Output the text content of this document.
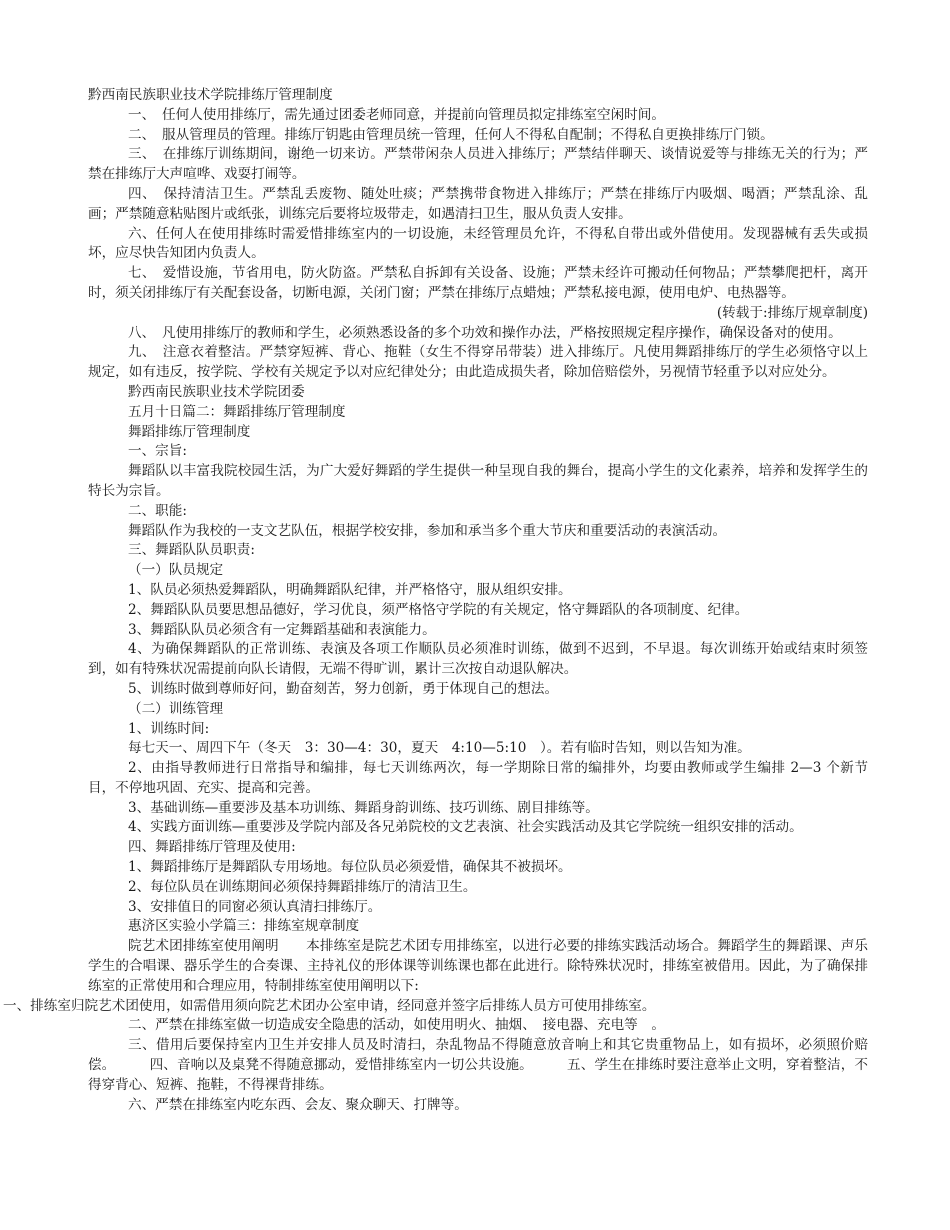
黔西南民族职业技术学院排练厅管理制度

一、　任何人使用排练厅，需先通过团委老师同意，并提前向管理员拟定排练室空闲时间。

二、　服从管理员的管理。排练厅钥匙由管理员统一管理，任何人不得私自配制；不得私自更换排练厅门锁。

三、　在排练厅训练期间，谢绝一切来访。严禁带闲杂人员进入排练厅；严禁结伴聊天、谈情说爱等与排练无关的行为；严禁在排练厅大声喧哗、戏耍打闹等。

四、　保持清洁卫生。严禁乱丢废物、随处吐痰；严禁携带食物进入排练厅；严禁在排练厅内吸烟、喝酒；严禁乱涂、乱画；严禁随意粘贴图片或纸张，训练完后要将垃圾带走，如遇清扫卫生，服从负责人安排。

六、任何人在使用排练时需爱惜排练室内的一切设施，未经管理员允许，不得私自带出或外借使用。发现器械有丢失或损坏，应尽快告知团内负责人。

七、　爱惜设施，节省用电，防火防盗。严禁私自拆卸有关设备、设施；严禁未经许可搬动任何物品；严禁攀爬把杆，离开时，须关闭排练厅有关配套设备，切断电源，关闭门窗；严禁在排练厅点蜡烛；严禁私接电源，使用电炉、电热器等。

(转载于:排练厅规章制度)

八、　凡使用排练厅的教师和学生，必须熟悉设备的多个功效和操作办法，严格按照规定程序操作，确保设备对的使用。

九、　注意衣着整洁。严禁穿短裤、背心、拖鞋（女生不得穿吊带装）进入排练厅。凡使用舞蹈排练厅的学生必须恪守以上规定，如有违反，按学院、学校有关规定予以对应纪律处分；由此造成损失者，除加倍赔偿外，另视情节轻重予以对应处分。

黔西南民族职业技术学院团委

五月十日篇二：舞蹈排练厅管理制度

舞蹈排练厅管理制度

一、宗旨:

舞蹈队以丰富我院校园生活，为广大爱好舞蹈的学生提供一种呈现自我的舞台，提高小学生的文化素养，培养和发挥学生的特长为宗旨。

二、职能:

舞蹈队作为我校的一支文艺队伍，根据学校安排，参加和承当多个重大节庆和重要活动的表演活动。

三、舞蹈队队员职责:

（一）队员规定

1、队员必须热爱舞蹈队，明确舞蹈队纪律，并严格恪守，服从组织安排。

2、舞蹈队队员要思想品德好，学习优良，须严格恪守学院的有关规定，恪守舞蹈队的各项制度、纪律。

3、舞蹈队队员必须含有一定舞蹈基础和表演能力。

4、为确保舞蹈队的正常训练、表演及各项工作顺队员必须准时训练，做到不迟到，不早退。每次训练开始或结束时须签到，如有特殊状况需提前向队长请假，无端不得旷训，累计三次按自动退队解决。

5、训练时做到尊师好问，勤奋刻苦，努力创新，勇于体现自己的想法。

（二）训练管理

1、训练时间:

每七天一、周四下午（冬天　3：30—4：30，夏天　4:10—5:10　）。若有临时告知，则以告知为准。

2、由指导教师进行日常指导和编排，每七天训练两次，每一学期除日常的编排外，均要由教师或学生编排 2—3 个新节目，不停地巩固、充实、提高和完善。

3、基础训练—重要涉及基本功训练、舞蹈身韵训练、技巧训练、剧目排练等。

4、实践方面训练—重要涉及学院内部及各兄弟院校的文艺表演、社会实践活动及其它学院统一组织安排的活动。

四、舞蹈排练厅管理及使用:

1、舞蹈排练厅是舞蹈队专用场地。每位队员必须爱惜，确保其不被损坏。

2、每位队员在训练期间必须保持舞蹈排练厅的清洁卫生。

3、安排值日的同窗必须认真清扫排练厅。

惠济区实验小学篇三：排练室规章制度

院艺术团排练室使用阐明　　本排练室是院艺术团专用排练室，以进行必要的排练实践活动场合。舞蹈学生的舞蹈课、声乐学生的合唱课、器乐学生的合奏课、主持礼仪的形体课等训练课也都在此进行。除特殊状况时，排练室被借用。因此，为了确保排练室的正常使用和合理应用，特制排练室使用阐明以下:

一、排练室归院艺术团使用，如需借用须向院艺术团办公室申请，经同意并签字后排练人员方可使用排练室。

二、严禁在排练室做一切造成安全隐患的活动，如使用明火、抽烟、　接电器、充电等　。

三、借用后要保持室内卫生并安排人员及时清扫，杂乱物品不得随意放音响上和其它贵重物品上，如有损坏，必须照价赔偿。　　　四、音响以及桌凳不得随意挪动，爱惜排练室内一切公共设施。　　　五、学生在排练时要注意举止文明，穿着整洁，不得穿背心、短裤、拖鞋，不得裸背排练。

六、严禁在排练室内吃东西、会友、聚众聊天、打牌等。
